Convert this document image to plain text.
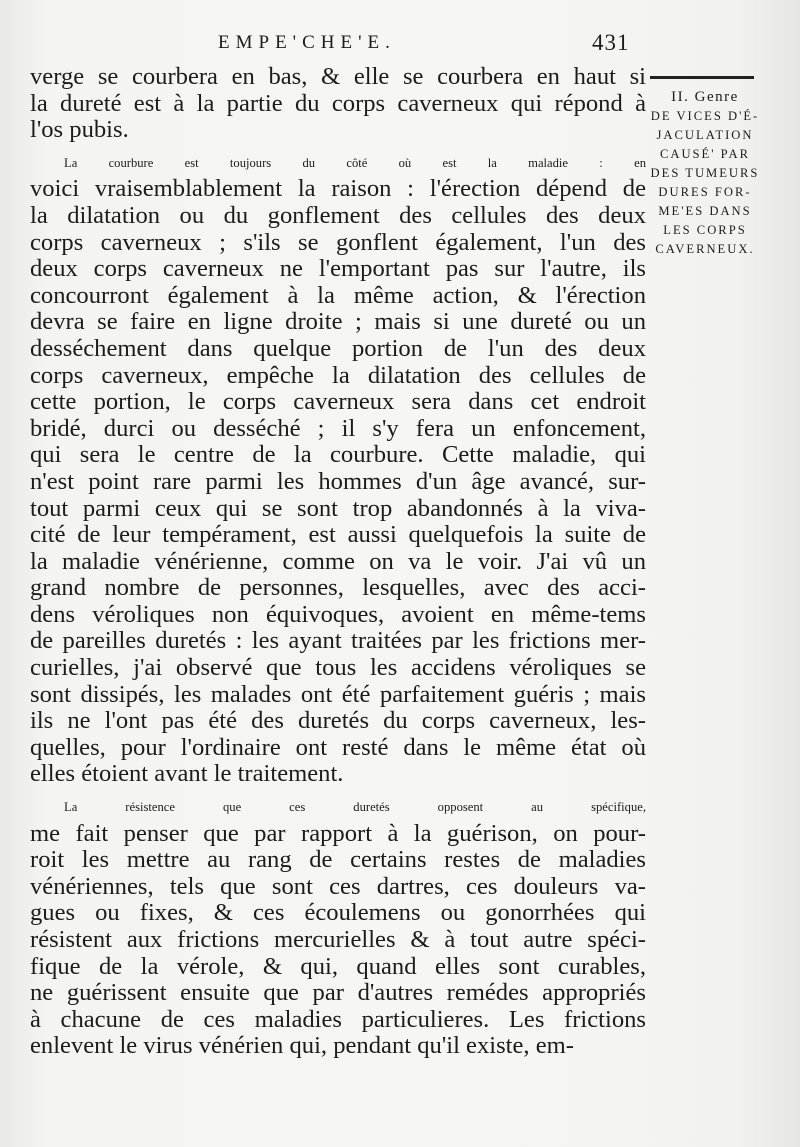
EMPE'CHE'E.	431
II. Genre
DE VICES D'É-
JACULATION
CAUSÉ' PAR
DES TUMEURS
DURES FOR-
ME'ES DANS
LES CORPS
CAVERNEUX.
verge se courbera en bas, & elle se courbera en haut si
la dureté est à la partie du corps caverneux qui répond à
l'os pubis.
La courbure est toujours du côté où est la maladie : en
voici vraisemblablement la raison : l'érection dépend de
la dilatation ou du gonflement des cellules des deux
corps caverneux ; s'ils se gonflent également, l'un des
deux corps caverneux ne l'emportant pas sur l'autre, ils
concourront également à la même action, & l'érection
devra se faire en ligne droite ; mais si une dureté ou un
desséchement dans quelque portion de l'un des deux
corps caverneux, empêche la dilatation des cellules de
cette portion, le corps caverneux sera dans cet endroit
bridé, durci ou desséché ; il s'y fera un enfoncement,
qui sera le centre de la courbure. Cette maladie, qui
n'est point rare parmi les hommes d'un âge avancé, sur-
tout parmi ceux qui se sont trop abandonnés à la viva-
cité de leur tempérament, est aussi quelquefois la suite de
la maladie vénérienne, comme on va le voir. J'ai vû un
grand nombre de personnes, lesquelles, avec des acci-
dens véroliques non équivoques, avoient en même-tems
de pareilles duretés : les ayant traitées par les frictions mer-
curielles, j'ai observé que tous les accidens véroliques se
sont dissipés, les malades ont été parfaitement guéris ; mais
ils ne l'ont pas été des duretés du corps caverneux, les-
quelles, pour l'ordinaire ont resté dans le même état où
elles étoient avant le traitement.
La résistence que ces duretés opposent au spécifique,
me fait penser que par rapport à la guérison, on pour-
roit les mettre au rang de certains restes de maladies
vénériennes, tels que sont ces dartres, ces douleurs va-
gues ou fixes, & ces écoulemens ou gonorrhées qui
résistent aux frictions mercurielles & à tout autre spéci-
fique de la vérole, & qui, quand elles sont curables,
ne guérissent ensuite que par d'autres remédes appropriés
à chacune de ces maladies particulieres. Les frictions
enlevent le virus vénérien qui, pendant qu'il existe, em-
